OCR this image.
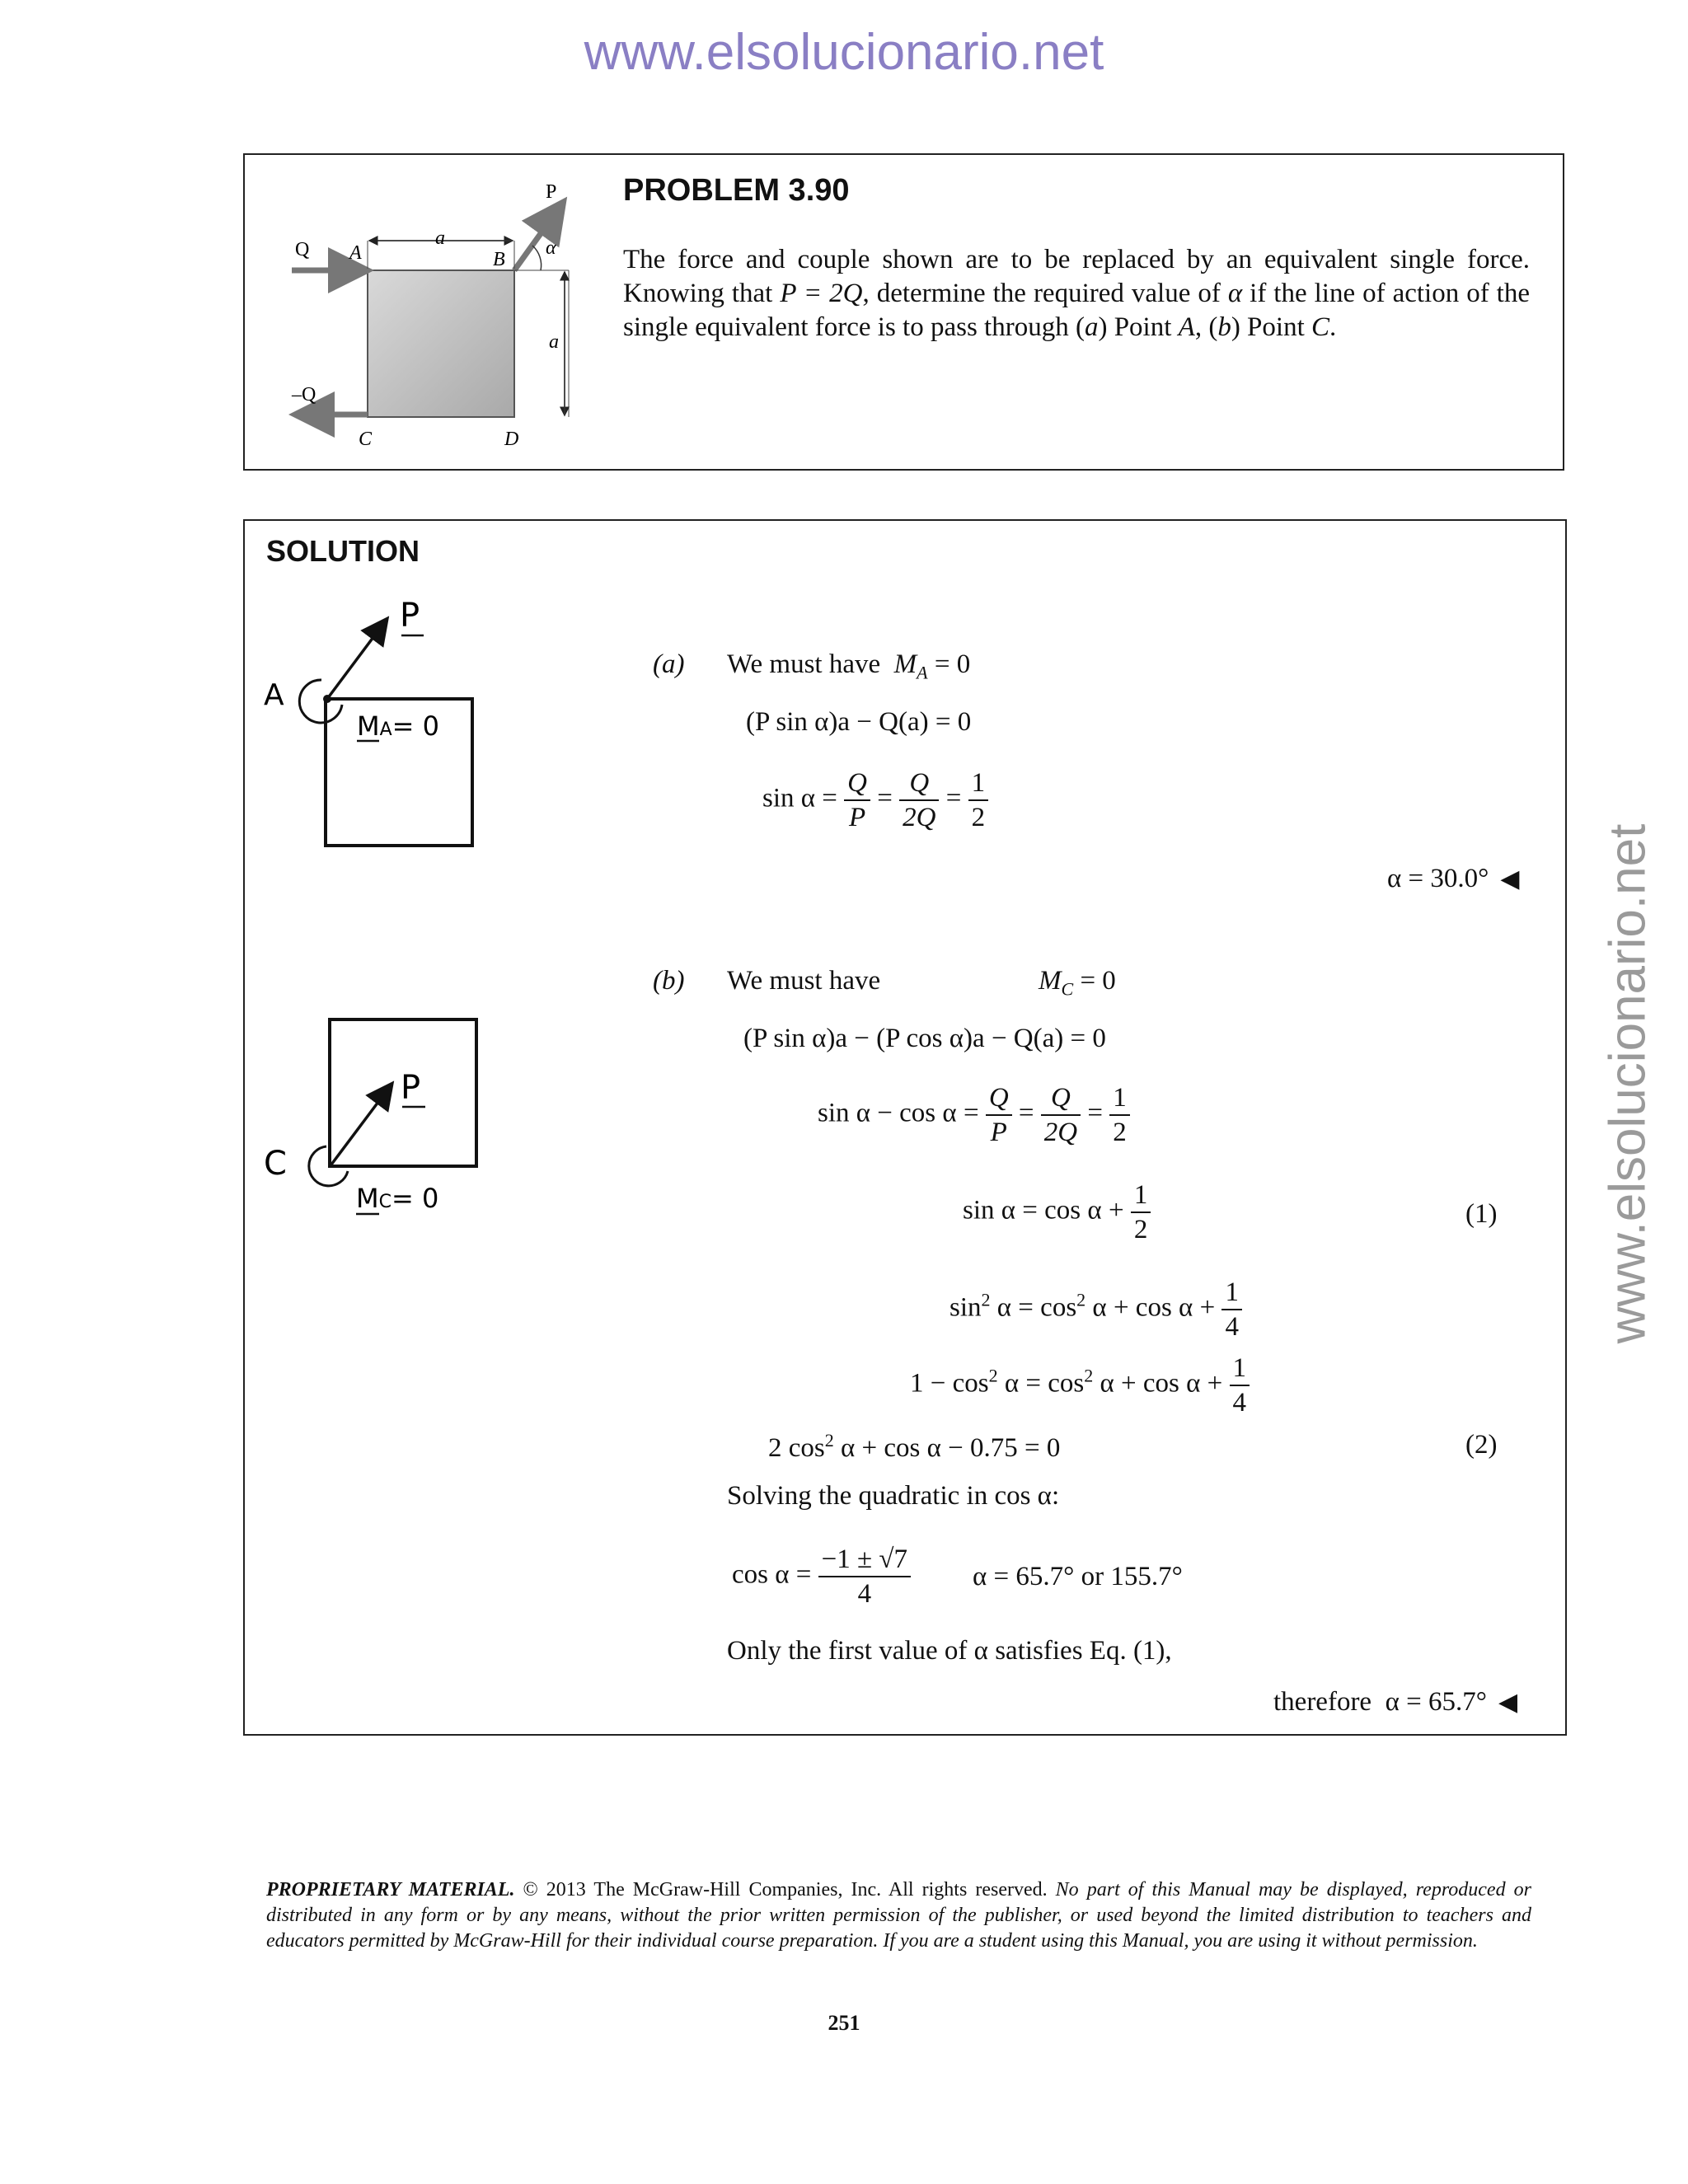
www.elsolucionario.net
www.elsolucionario.net
P
Q
–Q
A	B
C	D
α
a
a
PROBLEM 3.90
The force and couple shown are to be replaced by an equivalent single force. Knowing that P = 2Q, determine the required value of α if the line of action of the single equivalent force is to pass through (a) Point A, (b) Point C.
SOLUTION
A
P
MA= 0
C
P
MC= 0
(a) We must have $M_A = 0$
(P sin α)a − Q(a) = 0
$\sin \alpha = \frac{Q}{P} = \frac{Q}{2Q} = \frac{1}{2}$
α = 30.0° ◀
(b) We must have	$M_C = 0$
(P sin α)a − (P cos α)a − Q(a) = 0
$\sin \alpha - \cos \alpha = \frac{Q}{P} = \frac{Q}{2Q} = \frac{1}{2}$
$\sin \alpha = \cos \alpha + \frac{1}{2}$	(1)
$\sin^2 \alpha = \cos^2 \alpha + \cos \alpha + \frac{1}{4}$
$1 - \cos^2 \alpha = \cos^2 \alpha + \cos \alpha + \frac{1}{4}$
2 $\cos^2 \alpha + \cos \alpha - 0.75 = 0$	(2)
Solving the quadratic in cos α:
$\cos \alpha = \frac{-1 \pm √7}{4}$ α = 65.7° or 155.7°
Only the first value of α satisfies Eq. (1),
therefore α = 65.7° ◀
PROPRIETARY MATERIAL. © 2013 The McGraw-Hill Companies, Inc. All rights reserved. No part of this Manual may be displayed, reproduced or distributed in any form or by any means, without the prior written permission of the publisher, or used beyond the limited distribution to teachers and educators permitted by McGraw-Hill for their individual course preparation. If you are a student using this Manual, you are using it without permission.
251
